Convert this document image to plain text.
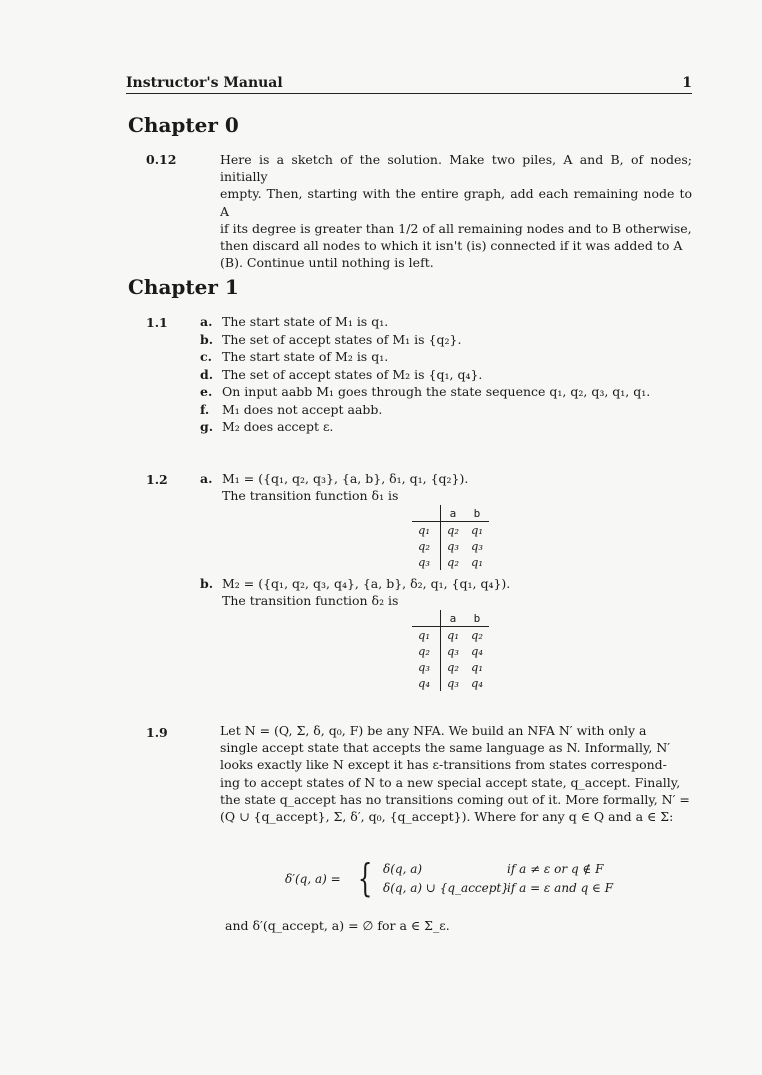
Instructor's Manual	1
Chapter 0
0.12	Here is a sketch of the solution. Make two piles, A and B, of nodes; initially
empty. Then, starting with the entire graph, add each remaining node to A
if its degree is greater than 1/2 of all remaining nodes and to B otherwise,
then discard all nodes to which it isn't (is) connected if it was added to A
(B). Continue until nothing is left.
Chapter 1
1.1	a. The start state of M₁ is q₁.
b. The set of accept states of M₁ is {q₂}.
c. The start state of M₂ is q₁.
d. The set of accept states of M₂ is {q₁, q₄}.
e. On input aabb M₁ goes through the state sequence q₁, q₂, q₃, q₁, q₁.
f. M₁ does not accept aabb.
g. M₂ does accept ε.
1.2	a. M₁ = ({q₁, q₂, q₃}, {a, b}, δ₁, q₁, {q₂}).
The transition function δ₁ is
	a	b
q₁	q₂	q₁
q₂	q₃	q₃
q₃	q₂	q₁
b. M₂ = ({q₁, q₂, q₃, q₄}, {a, b}, δ₂, q₁, {q₁, q₄}).
The transition function δ₂ is
	a	b
q₁	q₁	q₂
q₂	q₃	q₄
q₃	q₂	q₁
q₄	q₃	q₄
1.9	Let N = (Q, Σ, δ, q₀, F) be any NFA. We build an NFA N′ with only a
single accept state that accepts the same language as N. Informally, N′
looks exactly like N except it has ε-transitions from states correspond-
ing to accept states of N to a new special accept state, q_accept. Finally,
the state q_accept has no transitions coming out of it. More formally, N′ =
(Q ∪ {q_accept}, Σ, δ′, q₀, {q_accept}). Where for any q ∈ Q and a ∈ Σ:
δ′(q, a) = { δ(q, a)	if a ≠ ε or q ∉ F
δ(q, a) ∪ {q_accept}
if a = ε and q ∈ F
and δ′(q_accept, a) = ∅ for a ∈ Σ_ε.
